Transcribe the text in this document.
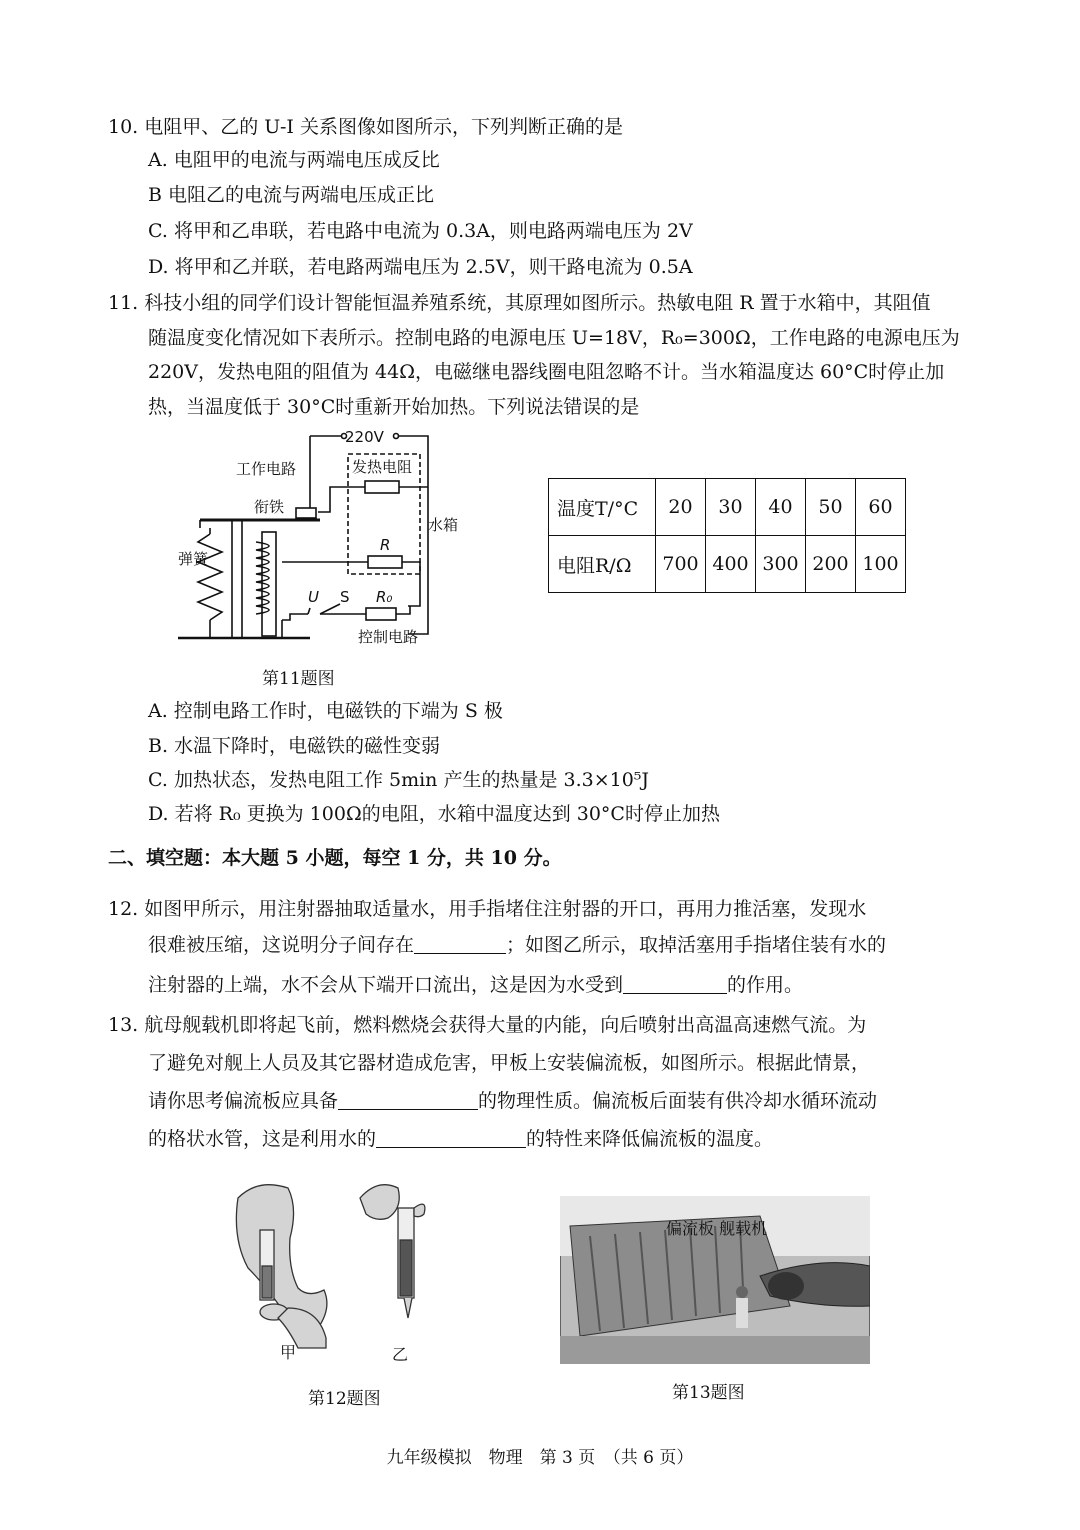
10. 电阻甲、乙的 U-I 关系图像如图所示，下列判断正确的是
A. 电阻甲的电流与两端电压成反比
B 电阻乙的电流与两端电压成正比
C. 将甲和乙串联，若电路中电流为 0.3A，则电路两端电压为 2V
D. 将甲和乙并联，若电路两端电压为 2.5V，则干路电流为 0.5A
11. 科技小组的同学们设计智能恒温养殖系统，其原理如图所示。热敏电阻 R 置于水箱中，其阻值
随温度变化情况如下表所示。控制电路的电源电压 U=18V，R₀=300Ω，工作电路的电源电压为
220V，发热电阻的阻值为 44Ω，电磁继电器线圈电阻忽略不计。当水箱温度达 60°C时停止加
热，当温度低于 30°C时重新开始加热。下列说法错误的是
220V
工作电路	发热电阻
衔铁
水箱
弹簧
R
U S R₀
控制电路
第11题图
温度T/°C	20	30	40	50	60
电阻R/Ω	700	400	300	200	100
A. 控制电路工作时，电磁铁的下端为 S 极
B. 水温下降时，电磁铁的磁性变弱
C. 加热状态，发热电阻工作 5min 产生的热量是 3.3×10⁵J
D. 若将 R₀ 更换为 100Ω的电阻，水箱中温度达到 30°C时停止加热
二、填空题：本大题 5 小题，每空 1 分，共 10 分。
12. 如图甲所示，用注射器抽取适量水，用手指堵住注射器的开口，再用力推活塞，发现水
很难被压缩，这说明分子间存在	；如图乙所示，取掉活塞用手指堵住装有水的
注射器的上端，水不会从下端开口流出，这是因为水受到	的作用。
13. 航母舰载机即将起飞前，燃料燃烧会获得大量的内能，向后喷射出高温高速燃气流。为
了避免对舰上人员及其它器材造成危害，甲板上安装偏流板，如图所示。根据此情景，
请你思考偏流板应具备	的物理性质。偏流板后面装有供冷却水循环流动
的格状水管，这是利用水的	的特性来降低偏流板的温度。
甲	乙
第12题图
偏流板 舰载机
第13题图
九年级模拟　物理　第 3 页　（共 6 页）
